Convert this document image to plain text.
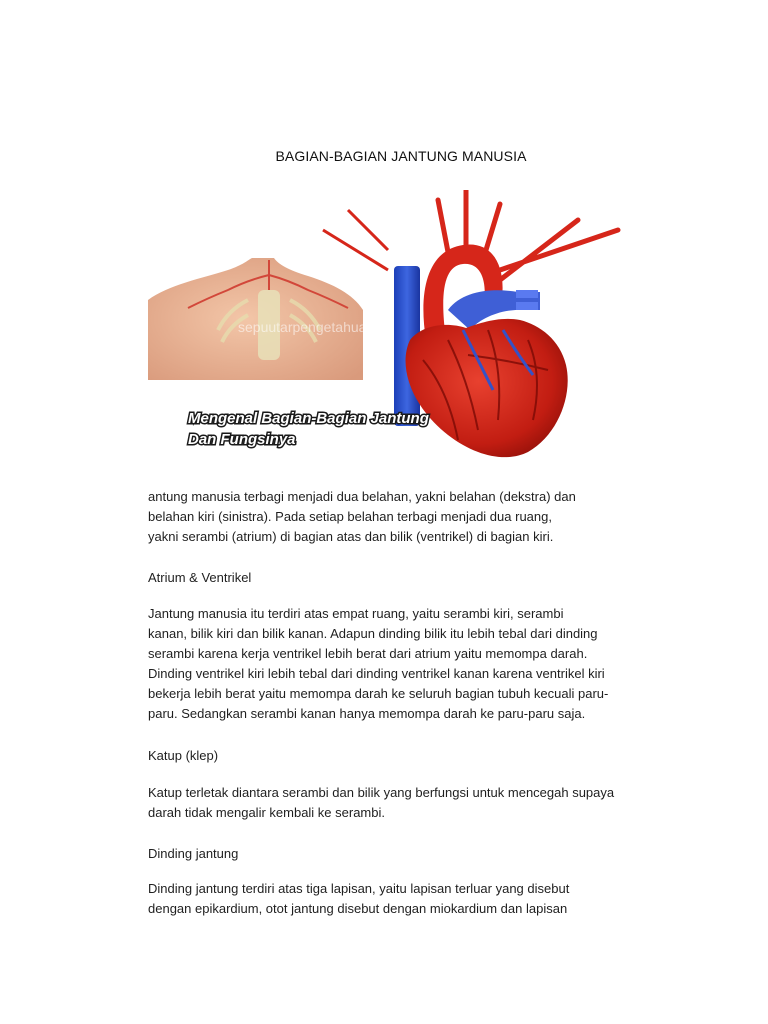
BAGIAN-BAGIAN JANTUNG MANUSIA
sepuutarpengetahuan
Mengenal Bagian-Bagian Jantung
Dan Fungsinya

antung manusia terbagi menjadi dua belahan, yakni belahan (dekstra) dan
belahan kiri (sinistra). Pada setiap belahan terbagi menjadi dua ruang,
yakni serambi (atrium) di bagian atas dan bilik (ventrikel) di bagian kiri.

Atrium & Ventrikel

Jantung manusia itu terdiri atas empat ruang, yaitu serambi kiri, serambi
kanan, bilik kiri dan bilik kanan. Adapun dinding bilik itu lebih tebal dari dinding
serambi karena kerja ventrikel lebih berat dari atrium yaitu memompa darah.
Dinding ventrikel kiri lebih tebal dari dinding ventrikel kanan karena ventrikel kiri
bekerja lebih berat yaitu memompa darah ke seluruh bagian tubuh kecuali paru-
paru. Sedangkan serambi kanan hanya memompa darah ke paru-paru saja.

Katup (klep)

Katup terletak diantara serambi dan bilik yang berfungsi untuk mencegah supaya
darah tidak mengalir kembali ke serambi.

Dinding jantung

Dinding jantung terdiri atas tiga lapisan, yaitu lapisan terluar yang disebut
dengan epikardium, otot jantung disebut dengan miokardium dan lapisan
